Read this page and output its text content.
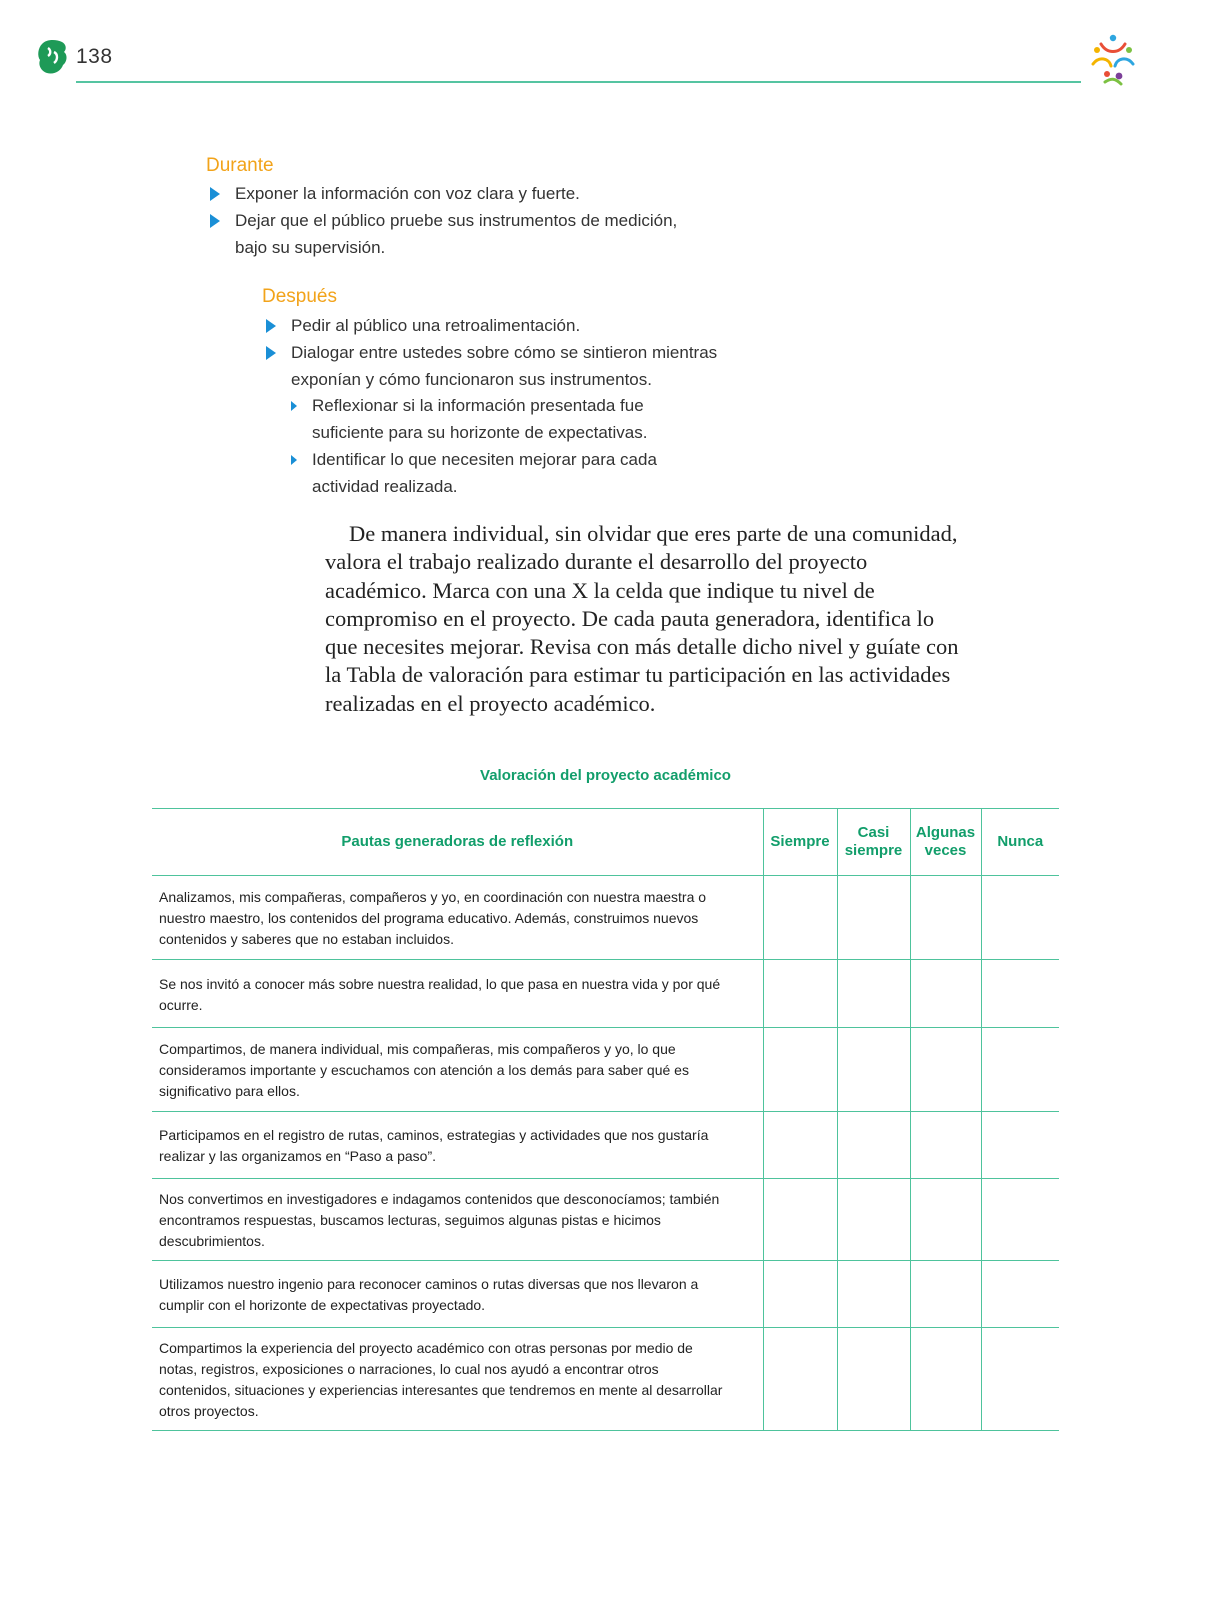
138
Durante
Exponer la información con voz clara y fuerte.
Dejar que el público pruebe sus instrumentos de medición, bajo su supervisión.
Después
Pedir al público una retroalimentación.
Dialogar entre ustedes sobre cómo se sintieron mientras exponían y cómo funcionaron sus instrumentos.
Reflexionar si la información presentada fue suficiente para su horizonte de expectativas.
Identificar lo que necesiten mejorar para cada actividad realizada.

De manera individual, sin olvidar que eres parte de una comunidad, valora el trabajo realizado durante el desarrollo del proyecto académico. Marca con una X la celda que indique tu nivel de compromiso en el proyecto. De cada pauta generadora, identifica lo que necesites mejorar. Revisa con más detalle dicho nivel y guíate con la Tabla de valoración para estimar tu participación en las actividades realizadas en el proyecto académico.

Valoración del proyecto académico
Pautas generadoras de reflexión	Siempre	Casi siempre	Algunas veces	Nunca
Analizamos, mis compañeras, compañeros y yo, en coordinación con nuestra maestra o nuestro maestro, los contenidos del programa educativo. Además, construimos nuevos contenidos y saberes que no estaban incluidos.				
Se nos invitó a conocer más sobre nuestra realidad, lo que pasa en nuestra vida y por qué ocurre.				
Compartimos, de manera individual, mis compañeras, mis compañeros y yo, lo que consideramos importante y escuchamos con atención a los demás para saber qué es significativo para ellos.				
Participamos en el registro de rutas, caminos, estrategias y actividades que nos gustaría realizar y las organizamos en “Paso a paso”.				
Nos convertimos en investigadores e indagamos contenidos que desconocíamos; también encontramos respuestas, buscamos lecturas, seguimos algunas pistas e hicimos descubrimientos.				
Utilizamos nuestro ingenio para reconocer caminos o rutas diversas que nos llevaron a cumplir con el horizonte de expectativas proyectado.				
Compartimos la experiencia del proyecto académico con otras personas por medio de notas, registros, exposiciones o narraciones, lo cual nos ayudó a encontrar otros contenidos, situaciones y experiencias interesantes que tendremos en mente al desarrollar otros proyectos.				
